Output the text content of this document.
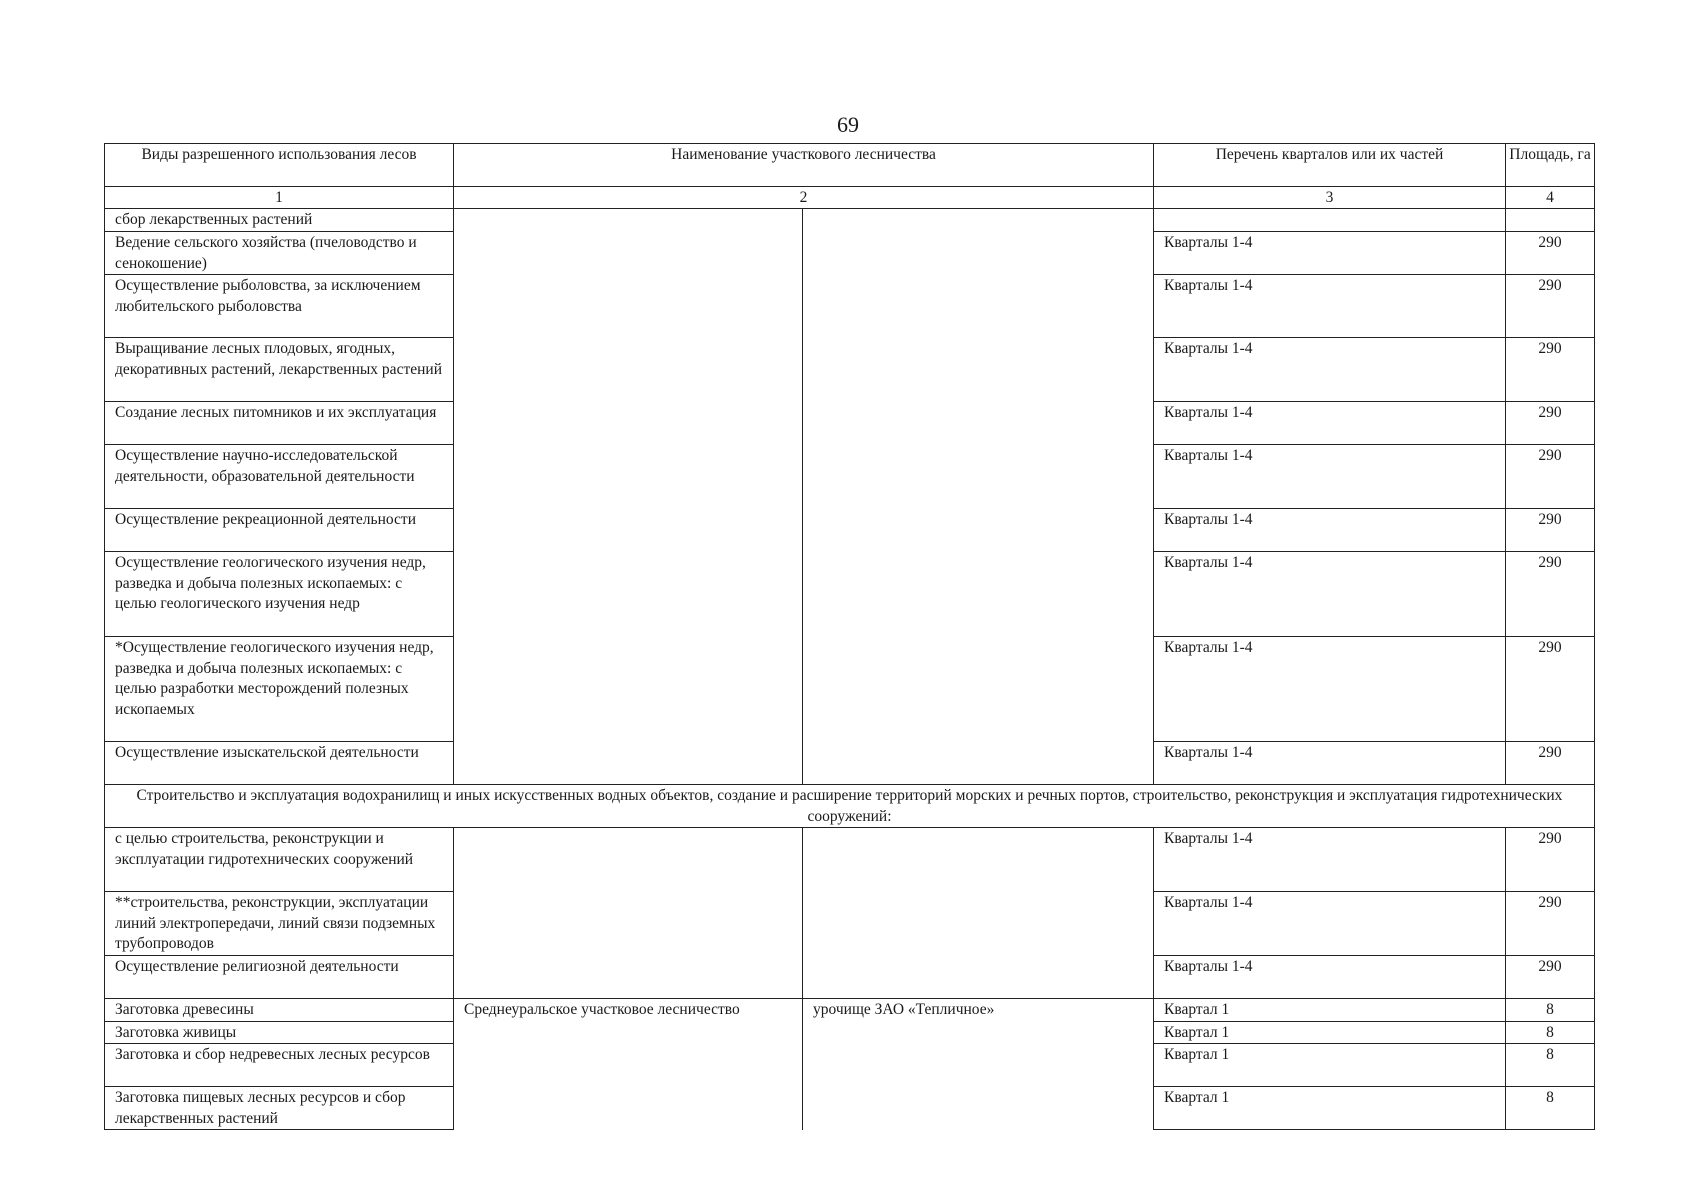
69
Виды разрешенного использования лесов	Наименование участкового лесничества		Перечень кварталов или их частей	Площадь, га
1	2		3	4
сбор лекарственных растений				
Ведение сельского хозяйства (пчеловодство и сенокошение)			Кварталы 1-4	290
Осуществление рыболовства, за исключением любительского рыболовства			Кварталы 1-4	290
Выращивание лесных плодовых, ягодных, декоративных растений, лекарственных растений			Кварталы 1-4	290
Создание лесных питомников и их эксплуатация			Кварталы 1-4	290
Осуществление научно-исследовательской деятельности, образовательной деятельности			Кварталы 1-4	290
Осуществление рекреационной деятельности			Кварталы 1-4	290
Осуществление геологического изучения недр, разведка и добыча полезных ископаемых: с целью геологического изучения недр			Кварталы 1-4	290
*Осуществление геологического изучения недр, разведка и добыча полезных ископаемых: с целью разработки месторождений полезных ископаемых			Кварталы 1-4	290
Осуществление изыскательской деятельности			Кварталы 1-4	290
Строительство и эксплуатация водохранилищ и иных искусственных водных объектов, создание и расширение территорий морских и речных портов, строительство, реконструкция и эксплуатация гидротехнических сооружений:				
с целью строительства, реконструкции и эксплуатации гидротехнических сооружений			Кварталы 1-4	290
**строительства, реконструкции, эксплуатации линий электропередачи, линий связи подземных трубопроводов			Кварталы 1-4	290
Осуществление религиозной деятельности			Кварталы 1-4	290
Заготовка древесины	Среднеуральское участковое лесничество	урочище ЗАО «Тепличное»	Квартал 1	8
Заготовка живицы			Квартал 1	8
Заготовка и сбор недревесных лесных ресурсов			Квартал 1	8
Заготовка пищевых лесных ресурсов и сбор лекарственных растений			Квартал 1	8
